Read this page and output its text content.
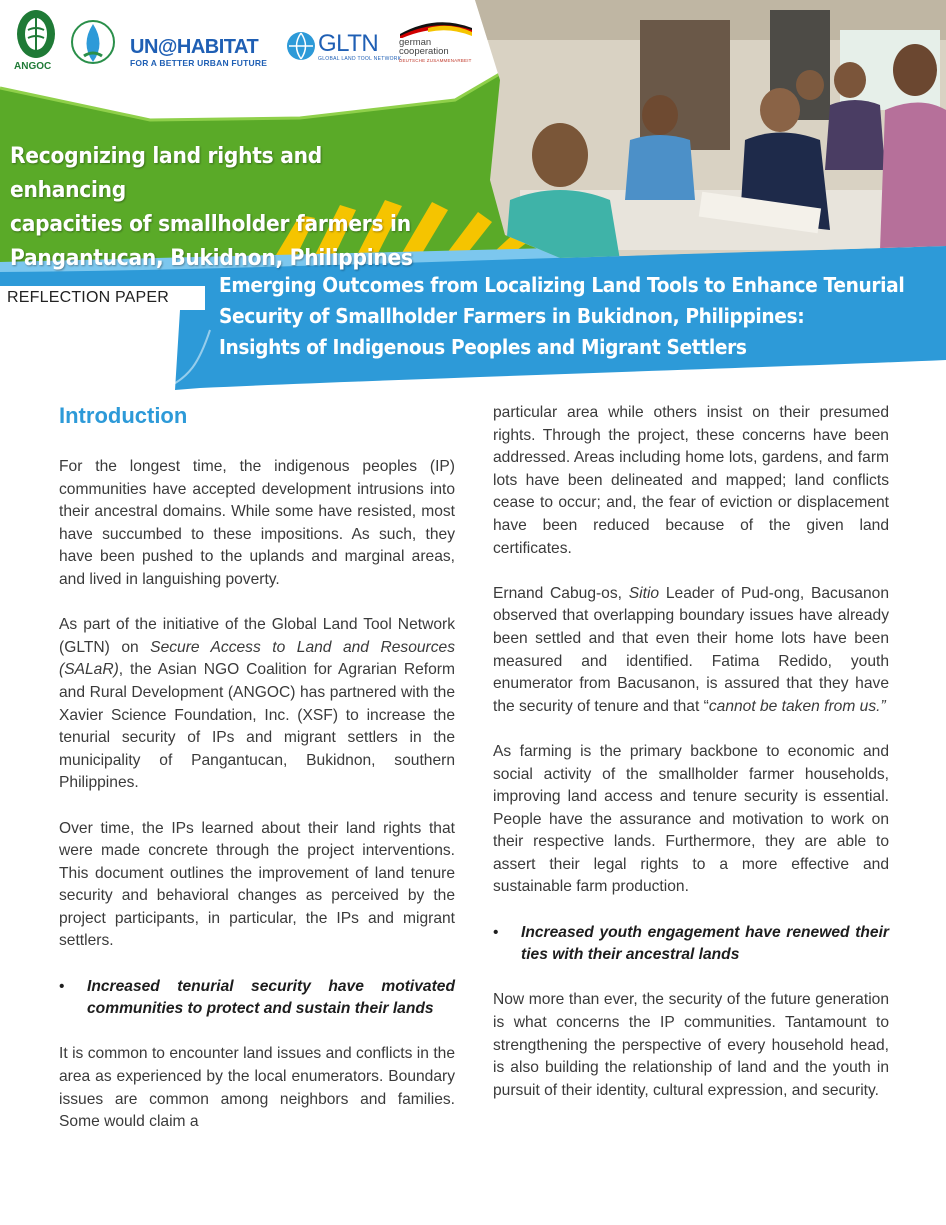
ANGOC
UN@HABITAT
FOR A BETTER URBAN FUTURE
GLTN
GLOBAL LAND TOOL NETWORK
german
cooperation
DEUTSCHE ZUSAMMENARBEIT
Recognizing land rights and enhancing
capacities of smallholder farmers in
Pangantucan, Bukidnon, Philippines
REFLECTION PAPER
Emerging Outcomes from Localizing Land Tools to Enhance Tenurial
Security of Smallholder Farmers in Bukidnon, Philippines:
Insights of Indigenous Peoples and Migrant Settlers
Introduction

For the longest time, the indigenous peoples (IP) communities have accepted development intrusions into their ancestral domains. While some have resisted, most have succumbed to these impositions. As such, they have been pushed to the uplands and marginal areas, and lived in languishing poverty.

As part of the initiative of the Global Land Tool Network (GLTN) on Secure Access to Land and Resources (SALaR), the Asian NGO Coalition for Agrarian Reform and Rural Development (ANGOC) has partnered with the Xavier Science Foundation, Inc. (XSF) to increase the tenurial security of IPs and migrant settlers in the municipality of Pangantucan, Bukidnon, southern Philippines.

Over time, the IPs learned about their land rights that were made concrete through the project interventions. This document outlines the improvement of land tenure security and behavioral changes as perceived by the project participants, in particular, the IPs and migrant settlers.

• Increased tenurial security have motivated communities to protect and sustain their lands

It is common to encounter land issues and conflicts in the area as experienced by the local enumerators. Boundary issues are common among neighbors and families. Some would claim a

particular area while others insist on their presumed rights. Through the project, these concerns have been addressed. Areas including home lots, gardens, and farm lots have been delineated and mapped; land conflicts cease to occur; and, the fear of eviction or displacement have been reduced because of the given land certificates.

Ernand Cabug-os, Sitio Leader of Pud-ong, Bacusanon observed that overlapping boundary issues have already been settled and that even their home lots have been measured and identified. Fatima Redido, youth enumerator from Bacusanon, is assured that they have the security of tenure and that “cannot be taken from us.”

As farming is the primary backbone to economic and social activity of the smallholder farmer households, improving land access and tenure security is essential. People have the assurance and motivation to work on their respective lands. Furthermore, they are able to assert their legal rights to a more effective and sustainable farm production.

• Increased youth engagement have renewed their ties with their ancestral lands

Now more than ever, the security of the future generation is what concerns the IP communities. Tantamount to strengthening the perspective of every household head, is also building the relationship of land and the youth in pursuit of their identity, cultural expression, and security.
